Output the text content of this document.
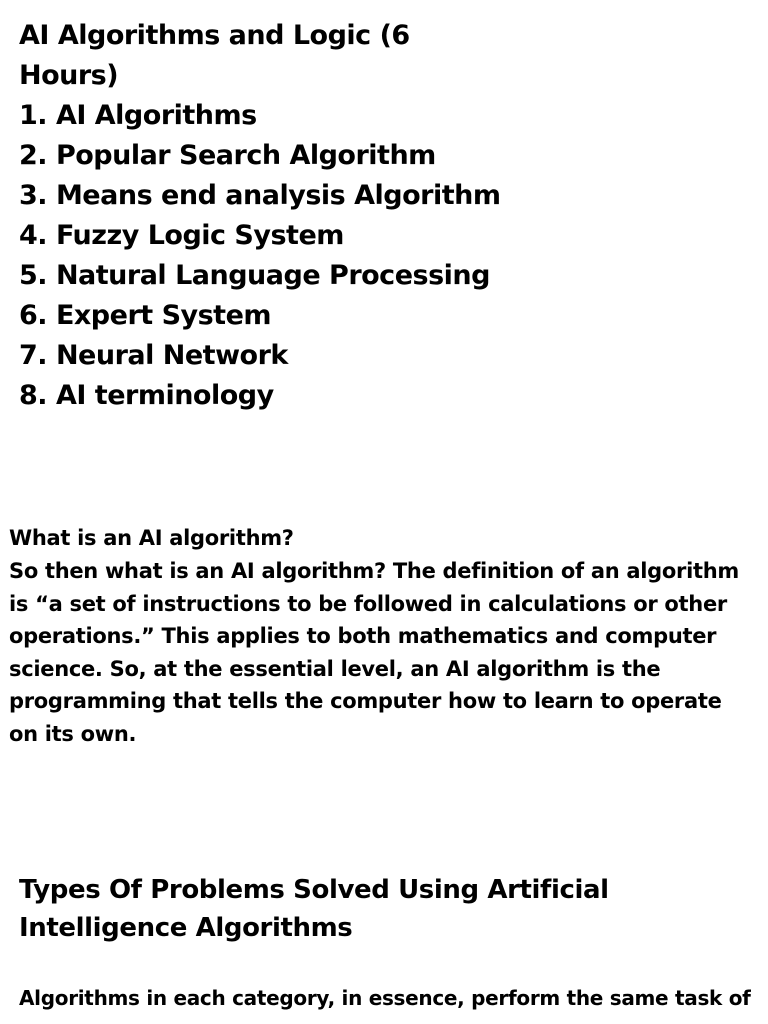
AI Algorithms and Logic (6 Hours)
1. AI Algorithms
2. Popular Search Algorithm
3. Means end analysis Algorithm
4. Fuzzy Logic System
5. Natural Language Processing
6. Expert System
7. Neural Network
8. AI terminology

What is an AI algorithm?

So then what is an AI algorithm? The definition of an algorithm is “a set of instructions to be followed in calculations or other operations.” This applies to both mathematics and computer science. So, at the essential level, an AI algorithm is the programming that tells the computer how to learn to operate on its own.

Types Of Problems Solved Using Artificial Intelligence Algorithms

Algorithms in each category, in essence, perform the same task of
